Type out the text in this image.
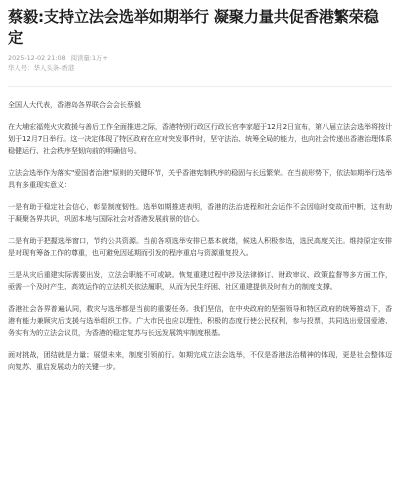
蔡毅:支持立法会选举如期举行 凝聚力量共促香港繁荣稳定
2025-12-02 21:08 阅读量:1万+
华人号：华人头条-香港

全国人大代表，香港岛各界联合会会长蔡毅

在大埔宏福苑火灾救援与善后工作全面推进之际，香港特别行政区行政长官李家超于12月2日宣布，第八届立法会选举将按计划于12月7日举行。这一决定体现了特区政府在应对突发事件时，坚守法治、统筹全局的能力，也向社会传递出香港治理体系稳健运行、社会秩序坚韧向前的明确信号。

立法会选举作为落实"爱国者治港"原则的关键环节，关乎香港宪制秩序的稳固与长远繁荣。在当前形势下，依法如期举行选举具有多重现实意义：

一是有助于稳定社会信心，彰显制度韧性。选举如期推进表明，香港的法治进程和社会运作不会因临时变故而中断，这有助于凝聚各界共识，巩固本地与国际社会对香港发展前景的信心。

二是有助于把握选举窗口，节约公共资源。当前各项选举安排已基本就绪，候选人积极参选，选民高度关注。维持原定安排是对现有筹备工作的尊重，也可避免因延期而引发的程序重启与资源重复投入。

三是从灾后重建实际需要出发，立法会职能不可或缺。恢复重建过程中涉及法律修订、财政审议、政策监督等多方面工作，亟需一个及时产生、高效运作的立法机关依法履职，从而为民生纾困、社区重建提供及时有力的制度支撑。

香港社会各界普遍认同，救灾与选举都是当前的重要任务。我们坚信，在中央政府的坚强领导和特区政府的统筹推动下，香港有能力兼顾灾后支援与选举组织工作。广大市民也应以理性、积极的态度行使公民权利，参与投票，共同选出爱国爱港、务实有为的立法会议员，为香港的稳定复苏与长远发展筑牢制度根基。

面对挑战，团结就是力量；展望未来，制度引领前行。如期完成立法会选举，不仅是香港法治精神的体现，更是社会整体迈向复苏、重启发展动力的关键一步。
